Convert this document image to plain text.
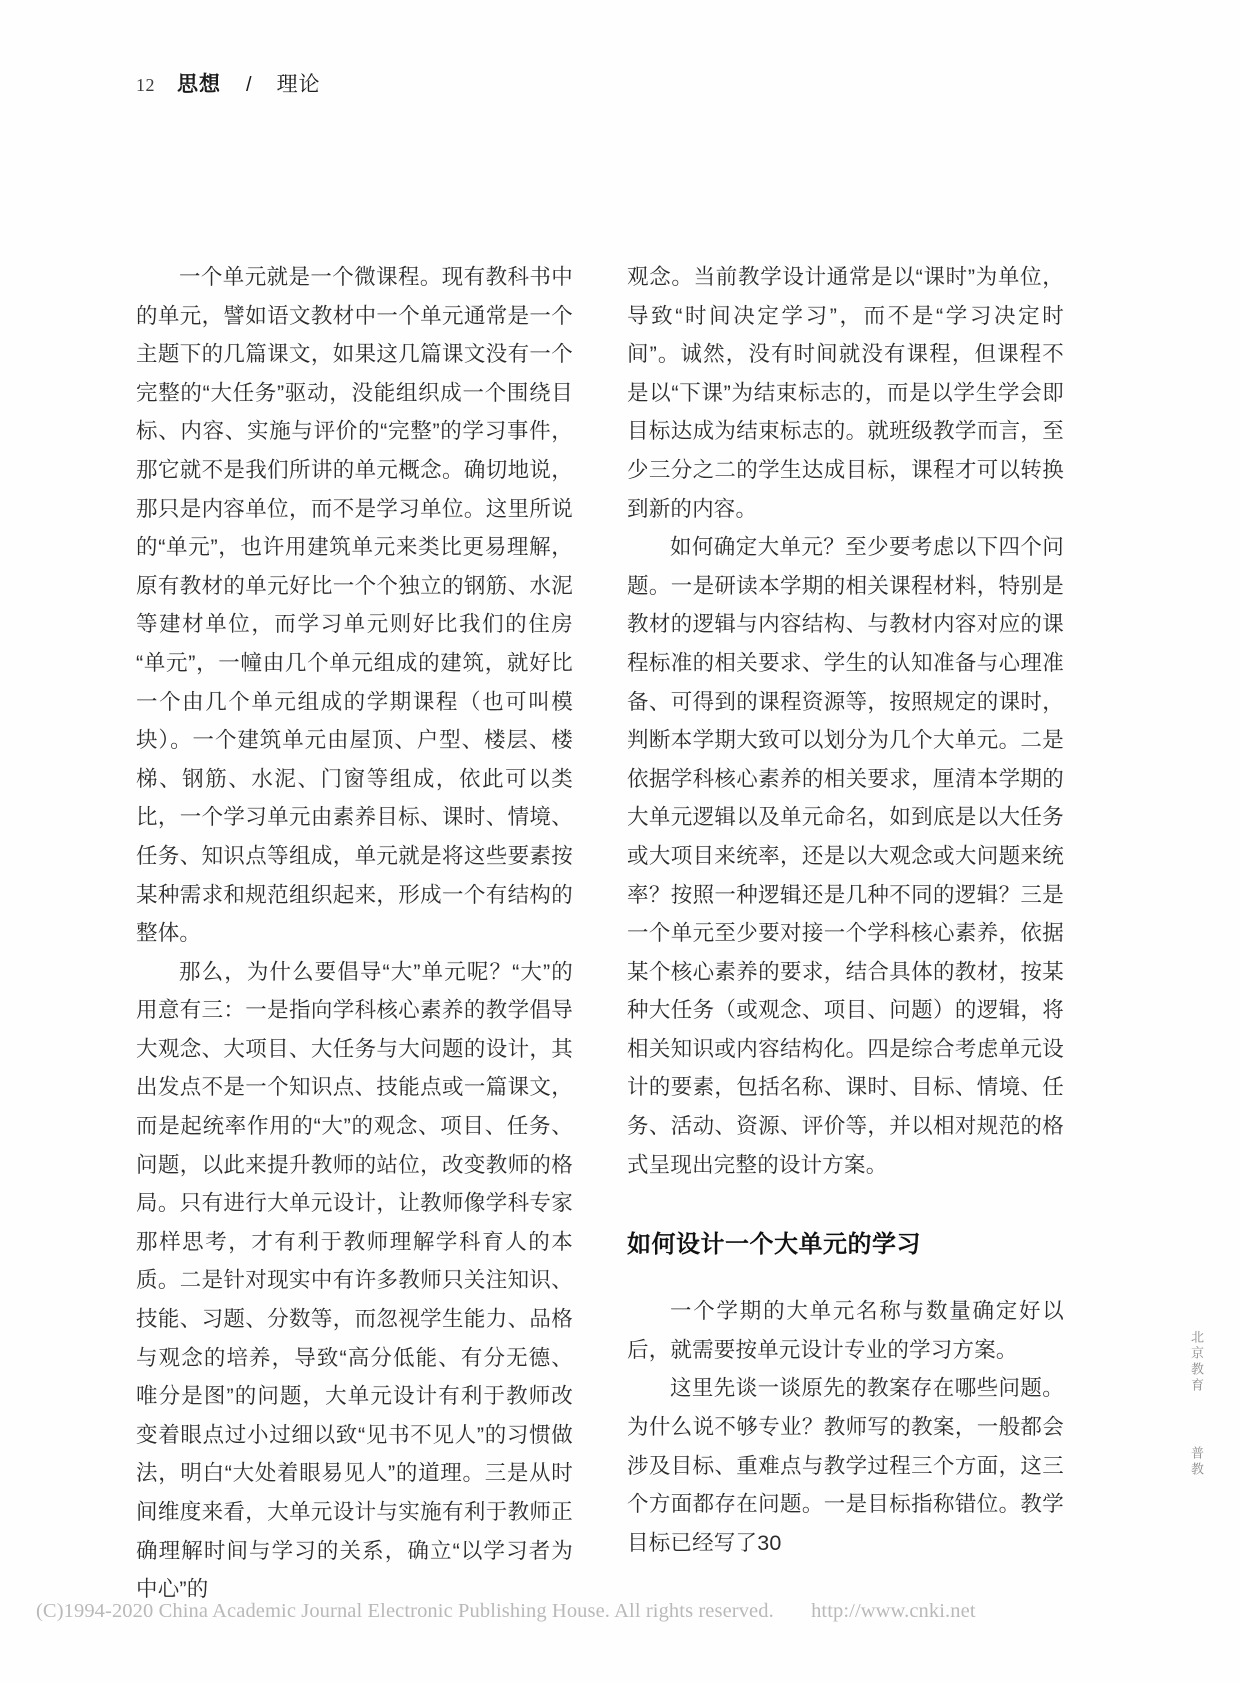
12 思想 / 理论

一个单元就是一个微课程。现有教科书中的单元，譬如语文教材中一个单元通常是一个主题下的几篇课文，如果这几篇课文没有一个完整的“大任务”驱动，没能组织成一个围绕目标、内容、实施与评价的“完整”的学习事件，那它就不是我们所讲的单元概念。确切地说，那只是内容单位，而不是学习单位。这里所说的“单元”，也许用建筑单元来类比更易理解，原有教材的单元好比一个个独立的钢筋、水泥等建材单位，而学习单元则好比我们的住房“单元”，一幢由几个单元组成的建筑，就好比一个由几个单元组成的学期课程（也可叫模块）。一个建筑单元由屋顶、户型、楼层、楼梯、钢筋、水泥、门窗等组成，依此可以类比，一个学习单元由素养目标、课时、情境、任务、知识点等组成，单元就是将这些要素按某种需求和规范组织起来，形成一个有结构的整体。

那么，为什么要倡导“大”单元呢？“大”的用意有三：一是指向学科核心素养的教学倡导大观念、大项目、大任务与大问题的设计，其出发点不是一个知识点、技能点或一篇课文，而是起统率作用的“大”的观念、项目、任务、问题，以此来提升教师的站位，改变教师的格局。只有进行大单元设计，让教师像学科专家那样思考，才有利于教师理解学科育人的本质。二是针对现实中有许多教师只关注知识、技能、习题、分数等，而忽视学生能力、品格与观念的培养，导致“高分低能、有分无德、唯分是图”的问题，大单元设计有利于教师改变着眼点过小过细以致“见书不见人”的习惯做法，明白“大处着眼易见人”的道理。三是从时间维度来看，大单元设计与实施有利于教师正确理解时间与学习的关系，确立“以学习者为中心”的

观念。当前教学设计通常是以“课时”为单位，导致“时间决定学习”，而不是“学习决定时间”。诚然，没有时间就没有课程，但课程不是以“下课”为结束标志的，而是以学生学会即目标达成为结束标志的。就班级教学而言，至少三分之二的学生达成目标，课程才可以转换到新的内容。

如何确定大单元？至少要考虑以下四个问题。一是研读本学期的相关课程材料，特别是教材的逻辑与内容结构、与教材内容对应的课程标准的相关要求、学生的认知准备与心理准备、可得到的课程资源等，按照规定的课时，判断本学期大致可以划分为几个大单元。二是依据学科核心素养的相关要求，厘清本学期的大单元逻辑以及单元命名，如到底是以大任务或大项目来统率，还是以大观念或大问题来统率？按照一种逻辑还是几种不同的逻辑？三是一个单元至少要对接一个学科核心素养，依据某个核心素养的要求，结合具体的教材，按某种大任务（或观念、项目、问题）的逻辑，将相关知识或内容结构化。四是综合考虑单元设计的要素，包括名称、课时、目标、情境、任务、活动、资源、评价等，并以相对规范的格式呈现出完整的设计方案。

如何设计一个大单元的学习

一个学期的大单元名称与数量确定好以后，就需要按单元设计专业的学习方案。

这里先谈一谈原先的教案存在哪些问题。为什么说不够专业？教师写的教案，一般都会涉及目标、重难点与教学过程三个方面，这三个方面都存在问题。一是目标指称错位。教学目标已经写了30

北京教育  普教
(C)1994-2020 China Academic Journal Electronic Publishing House. All rights reserved. http://www.cnki.net
